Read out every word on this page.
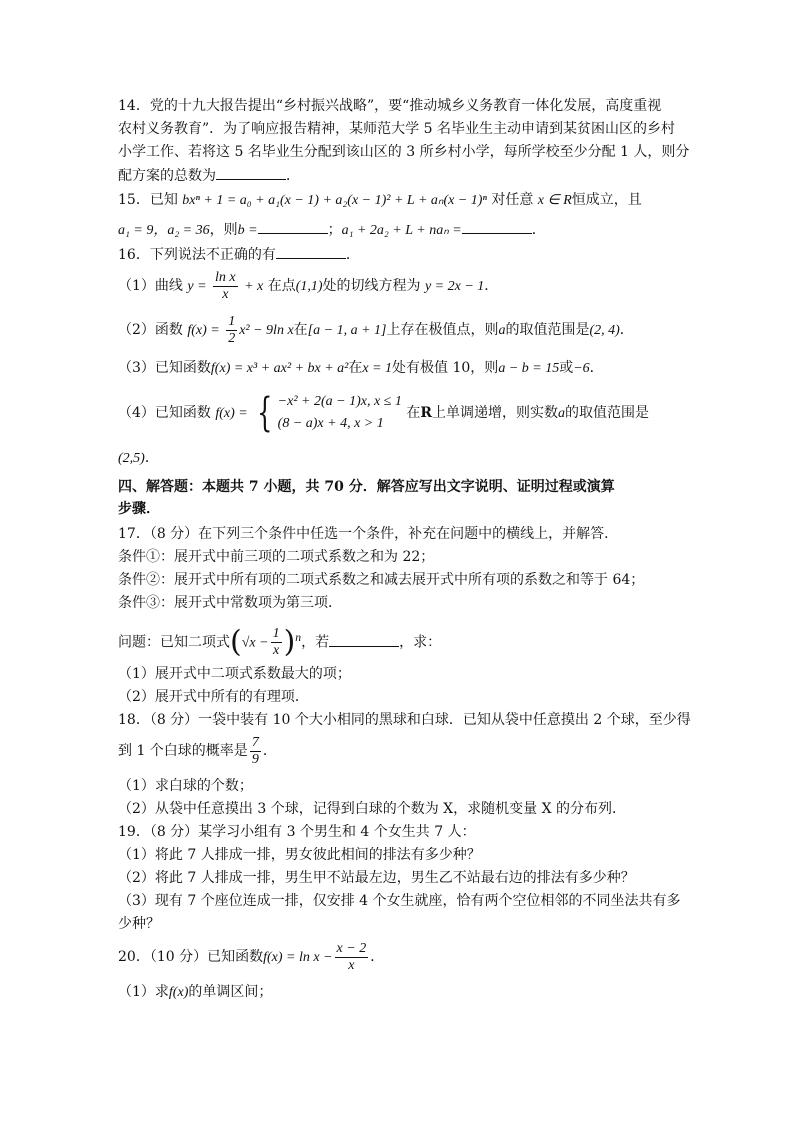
14．党的十九大报告提出“乡村振兴战略”，要“推动城乡义务教育一体化发展，高度重视
农村义务教育”．为了响应报告精神，某师范大学 5 名毕业生主动申请到某贫困山区的乡村
小学工作、若将这 5 名毕业生分配到该山区的 3 所乡村小学，每所学校至少分配 1 人，则分
配方案的总数为	．
15．已知 bxⁿ + 1 = a₀ + a₁(x − 1) + a₂(x − 1)² + L + aₙ(x − 1)ⁿ 对任意 x ∈ R恒成立，且
a₁ = 9，a₂ = 36，则b =	；a₁ + 2a₂ + L + naₙ =	．
16．下列说法不正确的有	．
（1）曲线 $y = \frac{\text{ln x}}{x} + x$ 在点(1,1)处的切线方程为 y = 2x − 1．
（2）函数 $f(x) = \frac{1}{2} x^2 - 9\ln$ x在[a − 1, a + 1]上存在极值点，则a的取值范围是(2, 4)．
（3）已知函数f(x) = x³ + ax² + bx + a²在x = 1处有极值 10，则a − b = 15或−6．
（4）已知函数 f(x) = { −x² + 2(a − 1)x, x ≤ 1
(8 − a)x + 4, x > 1
在R上单调递增，则实数a的取值范围是
(2,5)．
四、解答题：本题共 7 小题，共 70 分．解答应写出文字说明、证明过程或演算
步骤．
17．（8 分）在下列三个条件中任选一个条件，补充在问题中的横线上，并解答．
条件①：展开式中前三项的二项式系数之和为 22；
条件②：展开式中所有项的二项式系数之和减去展开式中所有项的系数之和等于 64；
条件③：展开式中常数项为第三项．
问题：已知二项式$(√x - \frac{1}{x} )^n$，若	，求：
（1）展开式中二项式系数最大的项；
（2）展开式中所有的有理项．
18．（8 分）一袋中装有 10 个大小相同的黑球和白球．已知从袋中任意摸出 2 个球，至少得
到 1 个白球的概率是 $\frac{7}{9}$ ．
（1）求白球的个数；
（2）从袋中任意摸出 3 个球，记得到白球的个数为 X，求随机变量 X 的分布列．
19．（8 分）某学习小组有 3 个男生和 4 个女生共 7 人：
（1）将此 7 人排成一排，男女彼此相间的排法有多少种？
（2）将此 7 人排成一排，男生甲不站最左边，男生乙不站最右边的排法有多少种？
（3）现有 7 个座位连成一排，仅安排 4 个女生就座，恰有两个空位相邻的不同坐法共有多
少种？
20．（10 分）已知函数$f(x) = \ln x - \frac{x - 2}{x}$ ．
（1）求f(x)的单调区间；
